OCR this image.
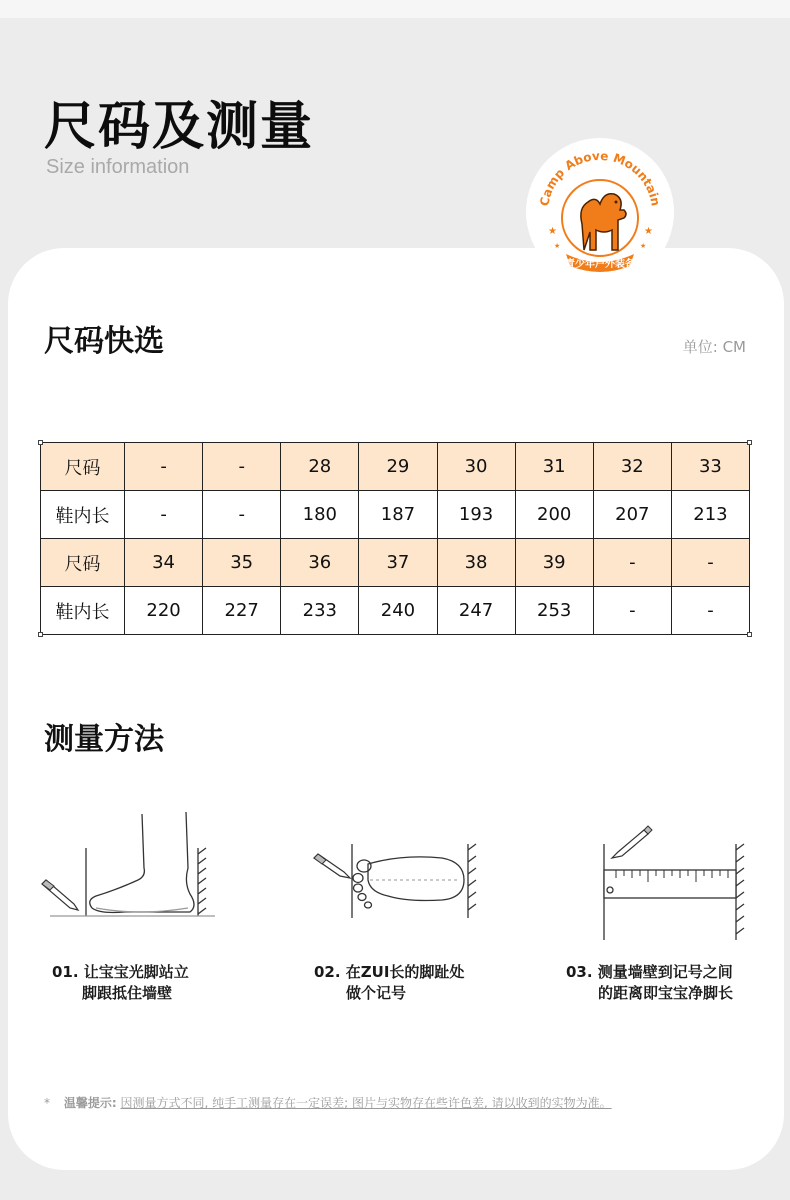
尺码及测量
Size information
Camp Above Mountain
青少年户外装备
★	★
★	★
尺码快选	单位: CM
尺码	-	-	28	29	30	31	32	33
鞋内长	-	-	180	187	193	200	207	213
尺码	34	35	36	37	38	39	-	-
鞋内长	220	227	233	240	247	253	-	-
测量方法
01. 让宝宝光脚站立
脚跟抵住墙壁
02. 在ZUI长的脚趾处
做个记号
03. 测量墙壁到记号之间
的距离即宝宝净脚长
* 温馨提示: 因测量方式不同, 纯手工测量存在一定误差; 图片与实物存在些许色差, 请以收到的实物为准。
